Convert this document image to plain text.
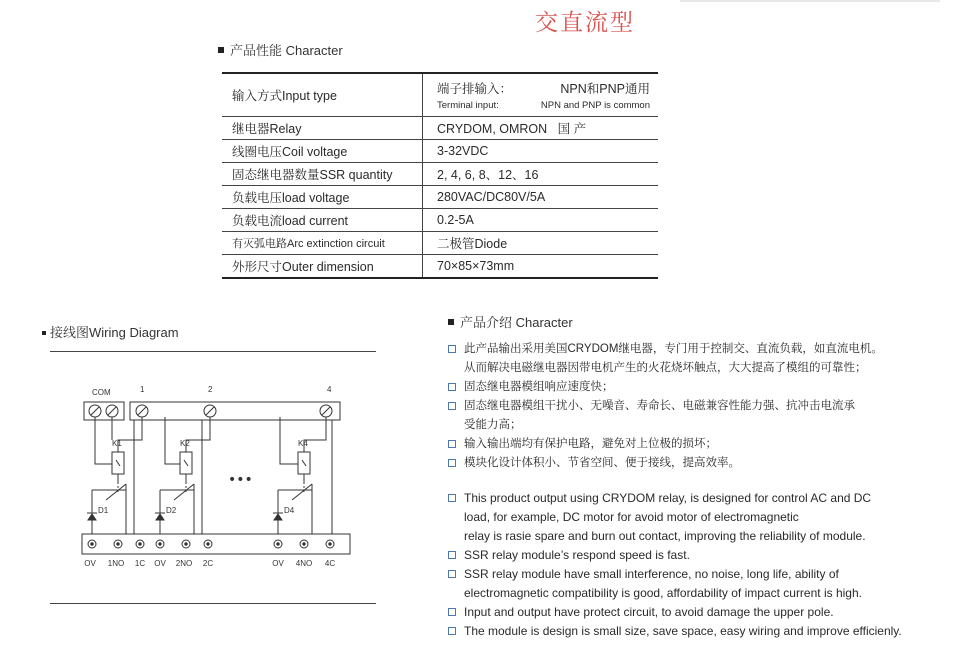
交直流型
产品性能 Character
输入方式Input type	端子排输入： NPN和PNP通用
Terminal input: NPN and PNP is common

继电器Relay	CRYDOM, OMRON   国 产
线圈电压Coil voltage	3-32VDC
固态继电器数量SSR quantity	2, 4, 6, 8、12、16
负载电压load voltage	280VAC/DC80V/5A
负载电流load current	0.2-5A
有灭弧电路Arc extinction circuit	二极管Diode
外形尺寸Outer dimension	70×85×73mm
接线图Wiring Diagram
COM	1	2	4
K1	K2	K4
D1	D2	D4
•••
OV 1NO 1C OV 2NO 2C	OV 4NO 4C
产品介绍 Character
此产品输出采用美国CRYDOM继电器，专门用于控制交、直流负载，如直流电机。
从而解决电磁继电器因带电机产生的火花烧坏触点，大大提高了模组的可靠性；
固态继电器模组响应速度快；
固态继电器模组干扰小、无噪音、寿命长、电磁兼容性能力强、抗冲击电流承
受能力高；
输入输出端均有保护电路，避免对上位极的损坏；
模块化设计体积小、节省空间、便于接线，提高效率。
This product output using CRYDOM relay, is designed for control AC and DC
load, for example, DC motor for avoid motor of electromagnetic
relay is rasie spare and burn out contact, improving the reliability of module.
SSR relay module’s respond speed is fast.
SSR relay module have small interference, no noise, long life, ability of
electromagnetic compatibility is good, affordability of impact current is high.
Input and output have protect circuit, to avoid damage the upper pole.
The module is design is small size, save space, easy wiring and improve efficienly.
